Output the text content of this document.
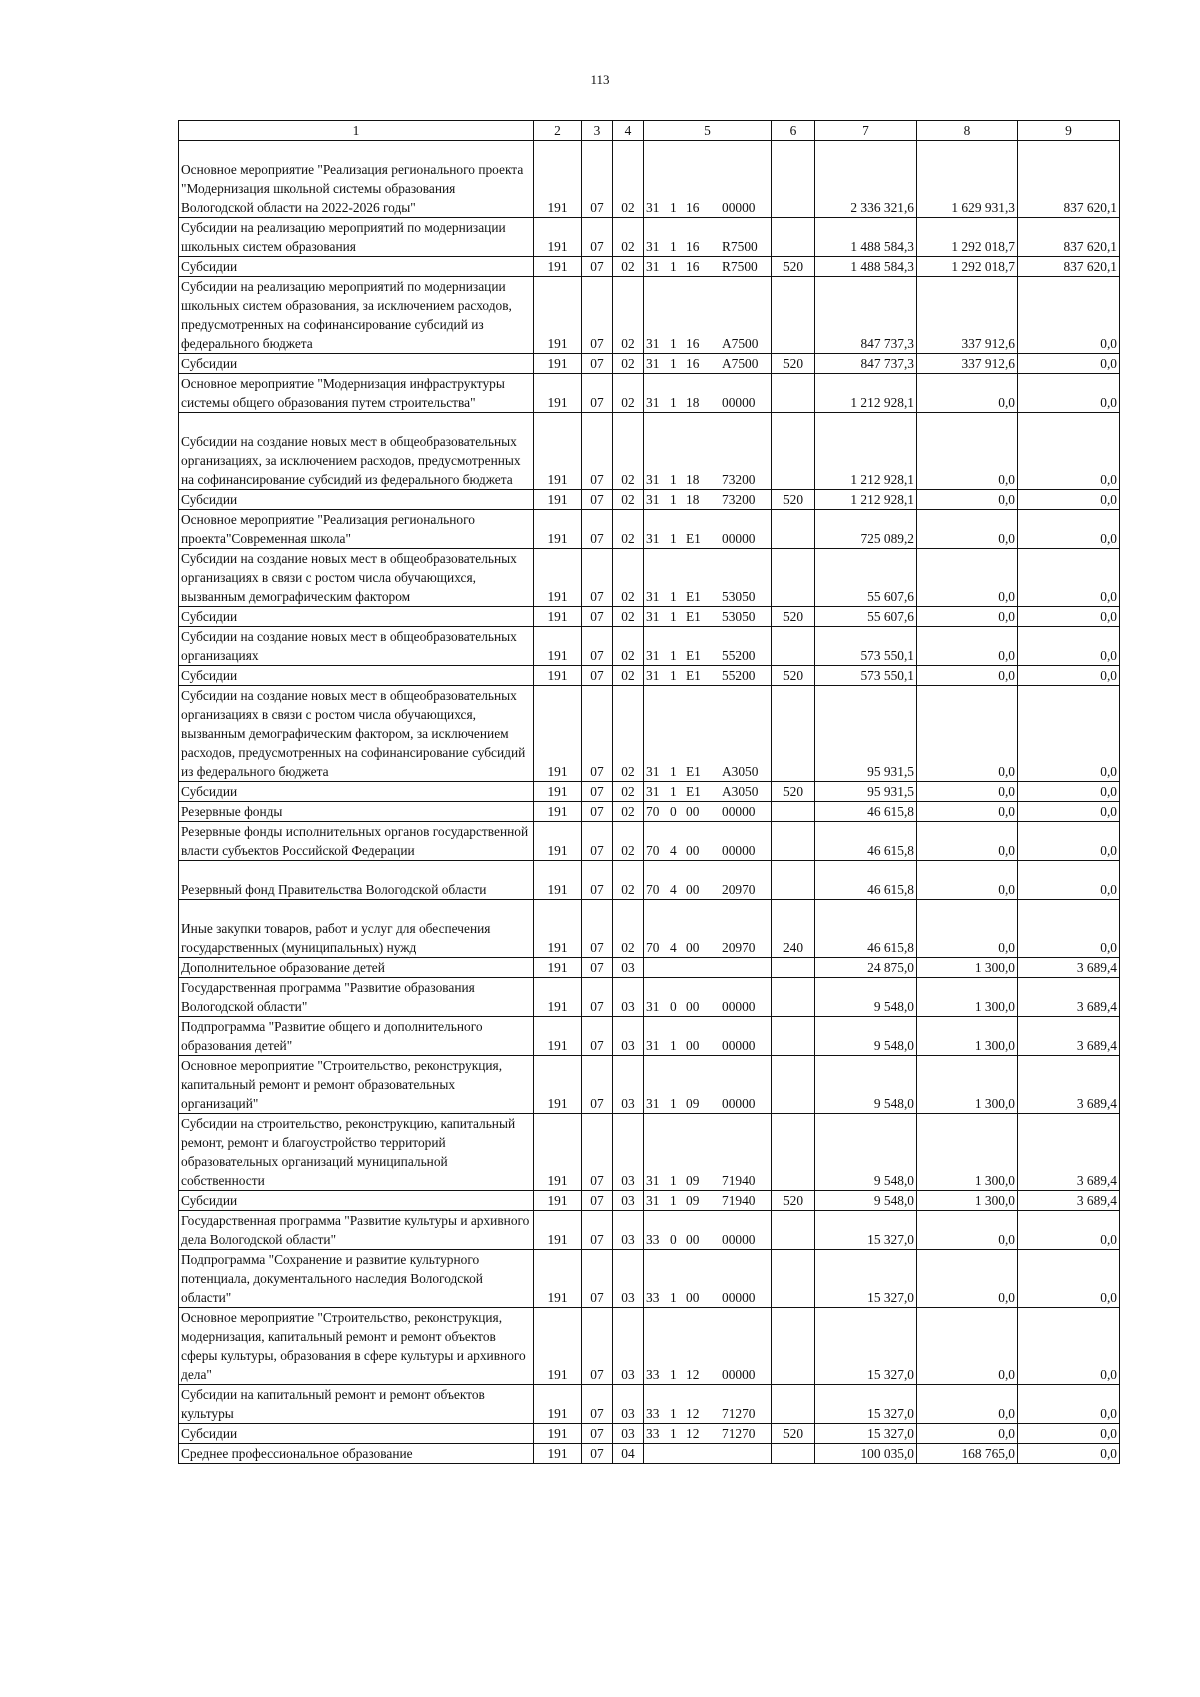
113
1	2	3	4	5	6	7	8	9
Основное мероприятие "Реализация регионального проекта "Модернизация школьной системы образования Вологодской области на 2022-2026 годы"	191	07	02	31 1 16 00000		2 336 321,6	1 629 931,3	837 620,1
Субсидии на реализацию мероприятий по модернизации школьных систем образования	191	07	02	31 1 16 R7500		1 488 584,3	1 292 018,7	837 620,1
Субсидии	191	07	02	31 1 16 R7500	520	1 488 584,3	1 292 018,7	837 620,1
Субсидии на реализацию мероприятий по модернизации школьных систем образования, за исключением расходов, предусмотренных на софинансирование субсидий из федерального бюджета	191	07	02	31 1 16 A7500		847 737,3	337 912,6	0,0
Субсидии	191	07	02	31 1 16 A7500	520	847 737,3	337 912,6	0,0
Основное мероприятие "Модернизация инфраструктуры системы общего образования путем строительства"	191	07	02	31 1 18 00000		1 212 928,1	0,0	0,0
Субсидии на создание новых мест в общеобразовательных организациях, за исключением расходов, предусмотренных на софинансирование субсидий из федерального бюджета	191	07	02	31 1 18 73200		1 212 928,1	0,0	0,0
Субсидии	191	07	02	31 1 18 73200	520	1 212 928,1	0,0	0,0
Основное мероприятие "Реализация регионального проекта"Современная школа"	191	07	02	31 1 E1 00000		725 089,2	0,0	0,0
Субсидии на создание новых мест в общеобразовательных организациях в связи с ростом числа обучающихся, вызванным демографическим фактором	191	07	02	31 1 E1 53050		55 607,6	0,0	0,0
Субсидии	191	07	02	31 1 E1 53050	520	55 607,6	0,0	0,0
Субсидии на создание новых мест в общеобразовательных организациях	191	07	02	31 1 E1 55200		573 550,1	0,0	0,0
Субсидии	191	07	02	31 1 E1 55200	520	573 550,1	0,0	0,0
Субсидии на создание новых мест в общеобразовательных организациях в связи с ростом числа обучающихся, вызванным демографическим фактором, за исключением расходов, предусмотренных на софинансирование субсидий из федерального бюджета	191	07	02	31 1 E1 A3050		95 931,5	0,0	0,0
Субсидии	191	07	02	31 1 E1 A3050	520	95 931,5	0,0	0,0
Резервные фонды	191	07	02	70 0 00 00000		46 615,8	0,0	0,0
Резервные фонды исполнительных органов государственной власти субъектов Российской Федерации	191	07	02	70 4 00 00000		46 615,8	0,0	0,0
Резервный фонд Правительства Вологодской области	191	07	02	70 4 00 20970		46 615,8	0,0	0,0
Иные закупки товаров, работ и услуг для обеспечения государственных (муниципальных) нужд	191	07	02	70 4 00 20970	240	46 615,8	0,0	0,0
Дополнительное образование детей	191	07	03			24 875,0	1 300,0	3 689,4
Государственная программа "Развитие образования Вологодской области"	191	07	03	31 0 00 00000		9 548,0	1 300,0	3 689,4
Подпрограмма "Развитие общего и дополнительного образования детей"	191	07	03	31 1 00 00000		9 548,0	1 300,0	3 689,4
Основное мероприятие "Строительство, реконструкция, капитальный ремонт и ремонт образовательных организаций"	191	07	03	31 1 09 00000		9 548,0	1 300,0	3 689,4
Субсидии на строительство, реконструкцию, капитальный ремонт, ремонт и благоустройство территорий образовательных организаций муниципальной собственности	191	07	03	31 1 09 71940		9 548,0	1 300,0	3 689,4
Субсидии	191	07	03	31 1 09 71940	520	9 548,0	1 300,0	3 689,4
Государственная программа "Развитие культуры и архивного дела Вологодской области"	191	07	03	33 0 00 00000		15 327,0	0,0	0,0
Подпрограмма "Сохранение и развитие культурного потенциала, документального наследия Вологодской области"	191	07	03	33 1 00 00000		15 327,0	0,0	0,0
Основное мероприятие "Строительство, реконструкция, модернизация, капитальный ремонт и ремонт объектов сферы культуры, образования в сфере культуры и архивного дела"	191	07	03	33 1 12 00000		15 327,0	0,0	0,0
Субсидии на капитальный ремонт и ремонт объектов культуры	191	07	03	33 1 12 71270		15 327,0	0,0	0,0
Субсидии	191	07	03	33 1 12 71270	520	15 327,0	0,0	0,0
Среднее профессиональное образование	191	07	04			100 035,0	168 765,0	0,0
